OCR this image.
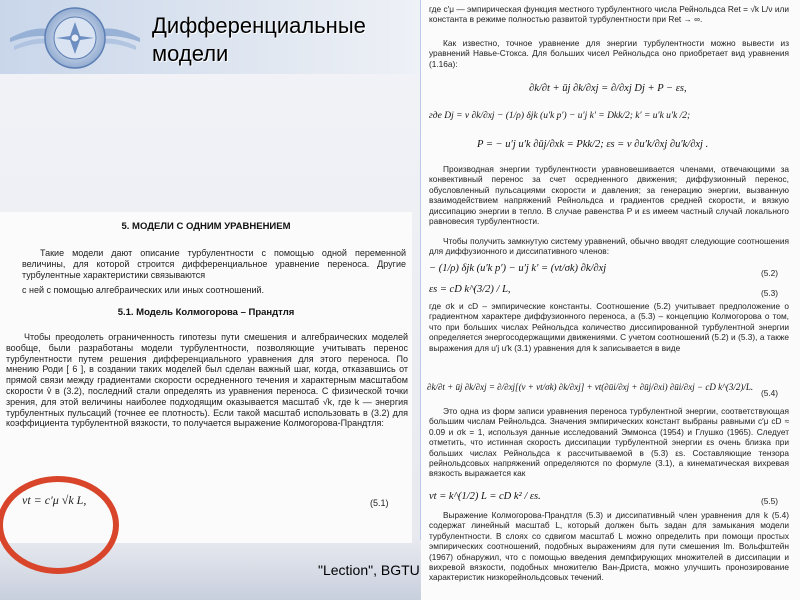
Дифференциальные
модели
5. МОДЕЛИ С ОДНИМ УРАВНЕНИЕМ
Такие модели дают описание турбулентности с помощью одной переменной величины, для которой строится дифференциальное уравнение переноса. Другие турбулентные характеристики связываются
с ней с помощью алгебраических или иных соотношений.
5.1. Модель Колмогорова – Прандтля
Чтобы преодолеть ограниченность гипотезы пути смешения и алгебраических моделей вообще, были разработаны модели турбулентности, позволяющие учитывать перенос турбулентности путем решения дифференциального уравнения для этого переноса. По мнению Роди [ 6 ], в создании таких моделей был сделан важный шаг, когда, отказавшись от прямой связи между градиентами скорости осредненного течения и характерным масштабом скорости v̂ в (3.2), последний стали определять из уравнения переноса. С физической точки зрения, для этой величины наиболее подходящим оказывается масштаб √k, где k — энергия турбулентных пульсаций (точнее ее плотность). Если такой масштаб использовать в (3.2) для коэффициента турбулентной вязкости, то получается выражение Колмогорова-Прандтля:
νt = c′μ √k L,	(5.1)
где c′μ — эмпирическая функция местного турбулентного числа Рейнольдса Ret = √k L/ν или константа в режиме полностью развитой турбулентности при Ret → ∞.
Как известно, точное уравнение для энергии турбулентности можно вывести из уравнений Навье-Стокса. Для больших чисел Рейнольдса оно приобретает вид уравнения (1.16а):
∂k/∂t + ūj ∂k/∂xj = ∂/∂xj Dj + P − εs,
где Dj = ν ∂k/∂xj − (1/ρ) δjk (u′k p′) − u′j k′ = Dkk/2; k′ = u′k u′k /2;
P = − u′j u′k ∂ūj/∂xk = Pkk/2; εs = ν ∂u′k/∂xj ∂u′k/∂xj .
Производная энергии турбулентности уравновешивается членами, отвечающими за конвективный перенос за счет осредненного движения; диффузионный перенос, обусловленный пульсациями скорости и давления; за генерацию энергии, вызванную взаимодействием напряжений Рейнольдса и градиентов средней скорости, и вязкую диссипацию энергии в тепло. В случае равенства P и εs имеем частный случай локального равновесия турбулентности.
Чтобы получить замкнутую систему уравнений, обычно вводят следующие соотношения для диффузионного и диссипативного членов:
− (1/ρ) δjk (u′k p′) − u′j k′ = (νt/σk) ∂k/∂xj	(5.2)
εs = cD k^(3/2) / L,	(5.3)
где σk и cD – эмпирические константы. Соотношение (5.2) учитывает предположение о градиентном характере диффузионного переноса, а (5.3) – концепцию Колмогорова о том, что при больших числах Рейнольдса количество диссипированной турбулентной энергии определяется энергосодержащими движениями. С учетом соотношений (5.2) и (5.3), а также выражения для u′j u′k (3.1) уравнения для k записывается в виде
∂k/∂t + ūj ∂k/∂xj = ∂/∂xj[(ν + νt/σk) ∂k/∂xj] + νt(∂ūi/∂xj + ∂ūj/∂xi) ∂ūi/∂xj − cD k^(3/2)/L.
(5.4)
Это одна из форм записи уравнения переноса турбулентной энергии, соответствующая большим числам Рейнольдса. Значения эмпирических констант выбраны равными c′μ cD ≈ 0.09 и σk = 1, используя данные исследований Эммонса (1954) и Глушко (1965). Следует отметить, что истинная скорость диссипации турбулентной энергии εs очень близка при больших числах Рейнольдса к рассчитываемой в (5.3) εs. Составляющие тензора рейнольдсовых напряжений определяются по формуле (3.1), а кинематическая вихревая вязкость выражается как
νt = k^(1/2) L = cD k² / εs.	(5.5)
Выражение Колмогорова-Прандтля (5.3) и диссипативный член уравнения для k (5.4) содержат линейный масштаб L, который должен быть задан для замыкания модели турбулентности. В слоях со сдвигом масштаб L можно определить при помощи простых эмпирических соотношений, подобных выражениям для пути смешения lm. Вольфштейн (1967) обнаружил, что с помощью введения демпфирующих множителей в диссипации и вихревой вязкости, подобных множителю Ван-Дриста, можно улучшить пронозирование характеристик низкорейнольдсовых течений.
"Lection", BGTU
